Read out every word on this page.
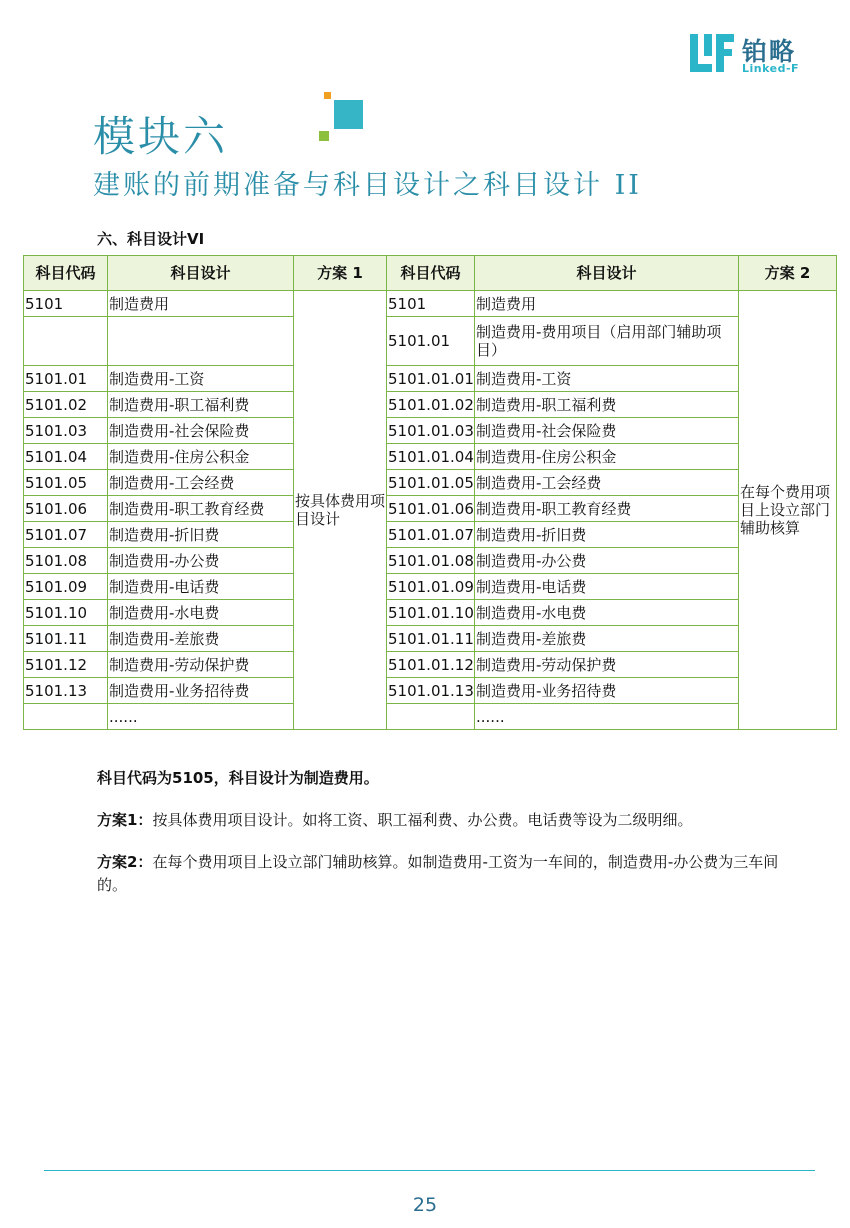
铂略
Linked-F
模块六
建账的前期准备与科目设计之科目设计 II
六、科目设计VI
科目代码	科目设计	方案 1	科目代码	科目设计	方案 2
5101	制造费用	按具体费用项目设计	5101	制造费用	在每个费用项目上设立部门辅助核算
			5101.01	制造费用-费用项目（启用部门辅助项目）	
5101.01	制造费用-工资		5101.01.01	制造费用-工资	
5101.02	制造费用-职工福利费		5101.01.02	制造费用-职工福利费	
5101.03	制造费用-社会保险费		5101.01.03	制造费用-社会保险费	
5101.04	制造费用-住房公积金		5101.01.04	制造费用-住房公积金	
5101.05	制造费用-工会经费		5101.01.05	制造费用-工会经费	
5101.06	制造费用-职工教育经费		5101.01.06	制造费用-职工教育经费	
5101.07	制造费用-折旧费		5101.01.07	制造费用-折旧费	
5101.08	制造费用-办公费		5101.01.08	制造费用-办公费	
5101.09	制造费用-电话费		5101.01.09	制造费用-电话费	
5101.10	制造费用-水电费		5101.01.10	制造费用-水电费	
5101.11	制造费用-差旅费		5101.01.11	制造费用-差旅费	
5101.12	制造费用-劳动保护费		5101.01.12	制造费用-劳动保护费	
5101.13	制造费用-业务招待费		5101.01.13	制造费用-业务招待费	
	......			......	
科目代码为5105，科目设计为制造费用。
方案1：按具体费用项目设计。如将工资、职工福利费、办公费。电话费等设为二级明细。
方案2：在每个费用项目上设立部门辅助核算。如制造费用-工资为一车间的，制造费用-办公费为三车间的。
25
